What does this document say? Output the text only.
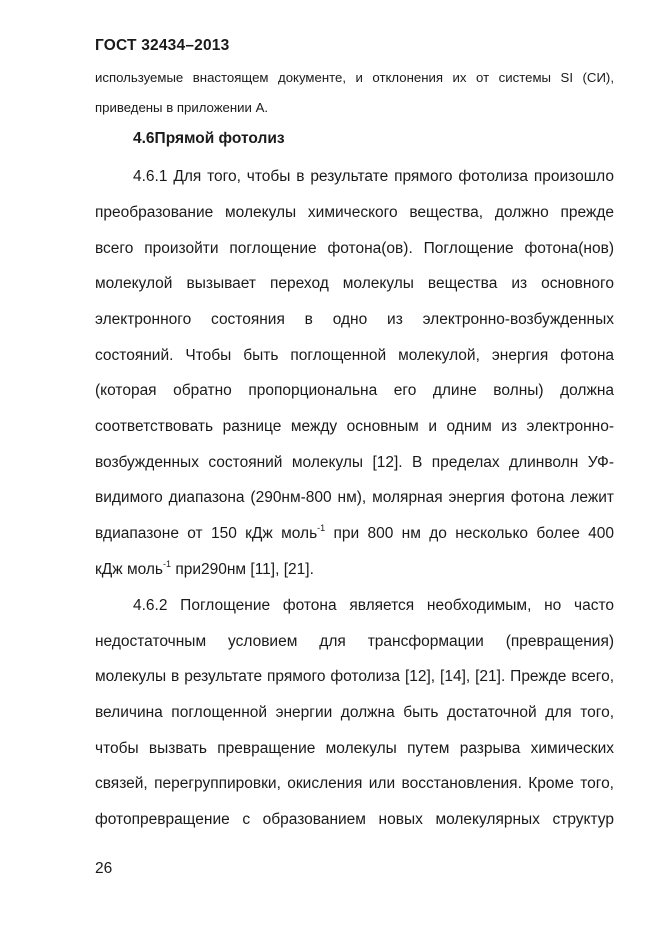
ГОСТ 32434–2013
используемые внастоящем документе, и отклонения их от системы SI (СИ),
приведены в приложении А.
4.6Прямой фотолиз
4.6.1 Для того, чтобы в результате прямого фотолиза произошло
преобразование молекулы химического вещества, должно прежде
всего произойти поглощение фотона(ов). Поглощение фотона(нов)
молекулой вызывает переход молекулы вещества из основного
электронного состояния в одно из электронно-возбужденных
состояний. Чтобы быть поглощенной молекулой, энергия фотона
(которая обратно пропорциональна его длине волны) должна
соответствовать разнице между основным и одним из электронно-
возбужденных состояний молекулы [12]. В пределах длинволн УФ-
видимого диапазона (290нм-800 нм), молярная энергия фотона лежит
вдиапазоне от 150 кДж моль$^{-1}$ при 800 нм до несколько более 400
кДж моль$^{-1}$ при290нм [11], [21].
4.6.2 Поглощение фотона является необходимым, но часто
недостаточным условием для трансформации (превращения)
молекулы в результате прямого фотолиза [12], [14], [21]. Прежде всего,
величина поглощенной энергии должна быть достаточной для того,
чтобы вызвать превращение молекулы путем разрыва химических
связей, перегруппировки, окисления или восстановления. Кроме того,
фотопревращение с образованием новых молекулярных структур
26
